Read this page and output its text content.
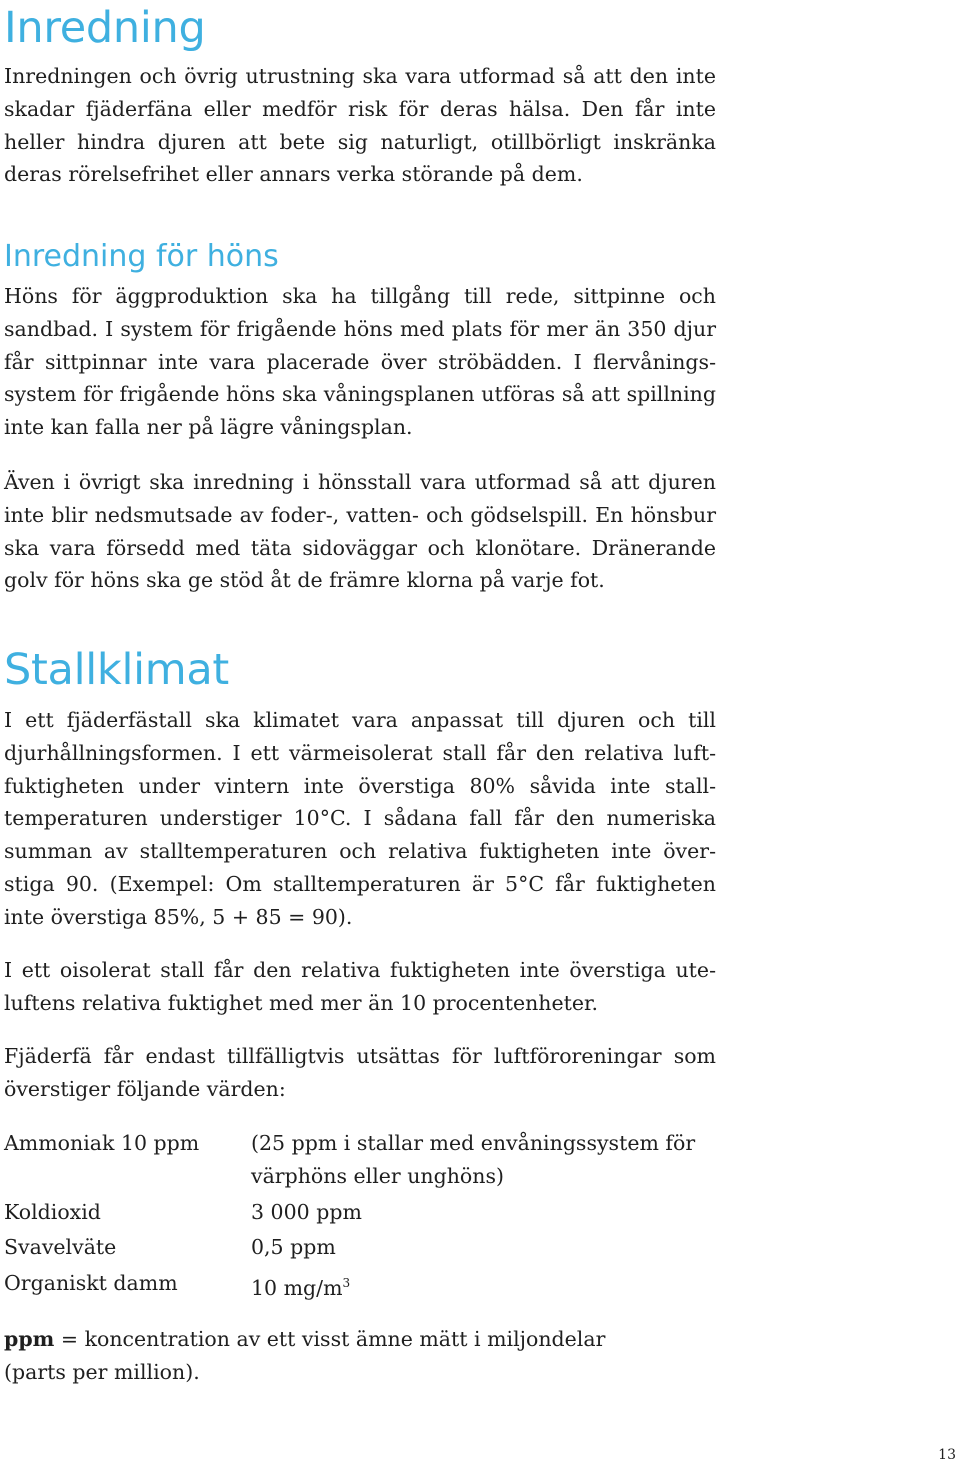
Inredning

Inredningen och övrig utrustning ska vara utformad så att den inte skadar fjäderfäna eller medför risk för deras hälsa. Den får inte heller hindra djuren att bete sig naturligt, otillbörligt inskränka deras rörelsefrihet eller annars verka störande på dem.

Inredning för höns

Höns för äggproduktion ska ha tillgång till rede, sittpinne och sandbad. I system för frigående höns med plats för mer än 350 djur får sittpinnar inte vara placerade över ströbädden. I flervåningssystem för frigående höns ska våningsplanen utföras så att spillning inte kan falla ner på lägre våningsplan.

Även i övrigt ska inredning i hönsstall vara utformad så att djuren inte blir nedsmutsade av foder-, vatten- och gödselspill. En hönsbur ska vara försedd med täta sidoväggar och klonötare. Dränerande golv för höns ska ge stöd åt de främre klorna på varje fot.

Stallklimat

I ett fjäderfästall ska klimatet vara anpassat till djuren och till djurhållningsformen. I ett värmeisolerat stall får den relativa luftfuktigheten under vintern inte överstiga 80% såvida inte stalltemperaturen understiger 10°C. I sådana fall får den numeriska summan av stalltemperaturen och relativa fuktigheten inte överstiga 90. (Exempel: Om stalltemperaturen är 5°C får fuktigheten inte överstiga 85%, 5 + 85 = 90).

I ett oisolerat stall får den relativa fuktigheten inte överstiga uteluftens relativa fuktighet med mer än 10 procentenheter.

Fjäderfä får endast tillfälligtvis utsättas för luftföroreningar som överstiger följande värden:

Ammoniak 10 ppm	(25 ppm i stallar med envåningssystem för värphöns eller unghöns)
Koldioxid	3 000 ppm
Svavelväte	0,5 ppm
Organiskt damm	10 $mg/m^3$

ppm = koncentration av ett visst ämne mätt i miljondelar (parts per million).

13
